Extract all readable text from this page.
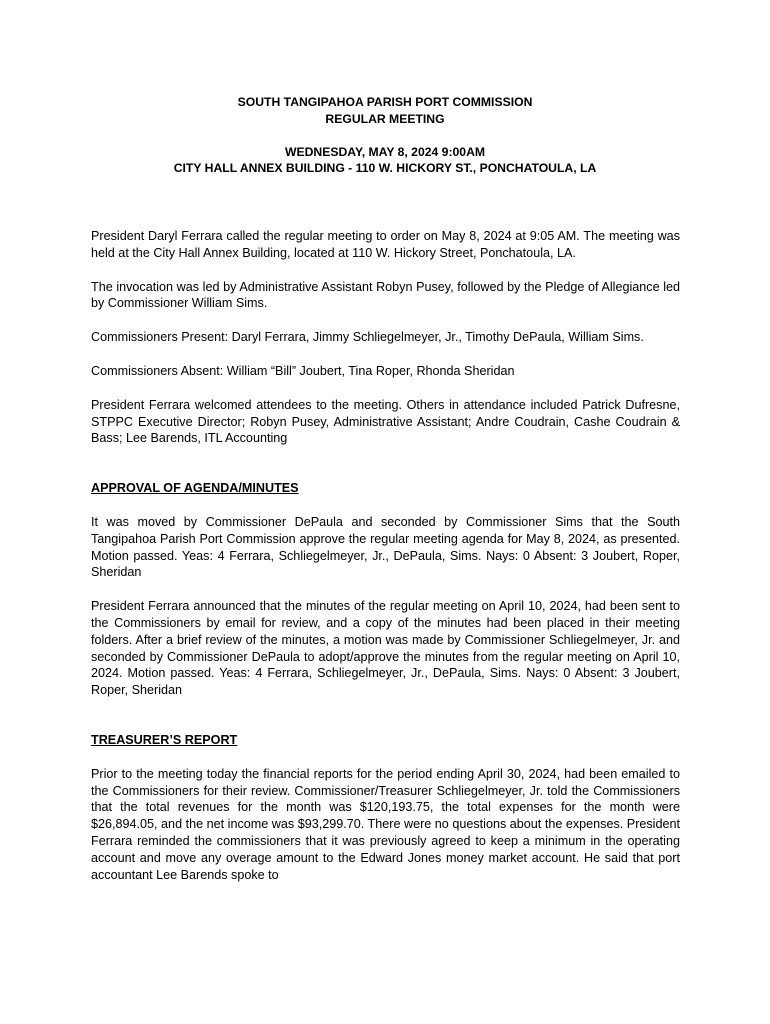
SOUTH TANGIPAHOA PARISH PORT COMMISSION
REGULAR MEETING
WEDNESDAY, MAY 8, 2024 9:00AM
CITY HALL ANNEX BUILDING - 110 W. HICKORY ST., PONCHATOULA, LA

President Daryl Ferrara called the regular meeting to order on May 8, 2024 at 9:05 AM. The meeting was held at the City Hall Annex Building, located at 110 W. Hickory Street, Ponchatoula, LA.

The invocation was led by Administrative Assistant Robyn Pusey, followed by the Pledge of Allegiance led by Commissioner William Sims.

Commissioners Present: Daryl Ferrara, Jimmy Schliegelmeyer, Jr., Timothy DePaula, William Sims.

Commissioners Absent: William “Bill” Joubert, Tina Roper, Rhonda Sheridan

President Ferrara welcomed attendees to the meeting. Others in attendance included Patrick Dufresne, STPPC Executive Director; Robyn Pusey, Administrative Assistant; Andre Coudrain, Cashe Coudrain & Bass; Lee Barends, ITL Accounting

APPROVAL OF AGENDA/MINUTES

It was moved by Commissioner DePaula and seconded by Commissioner Sims that the South Tangipahoa Parish Port Commission approve the regular meeting agenda for May 8, 2024, as presented. Motion passed. Yeas: 4 Ferrara, Schliegelmeyer, Jr., DePaula, Sims. Nays: 0 Absent: 3 Joubert, Roper, Sheridan

President Ferrara announced that the minutes of the regular meeting on April 10, 2024, had been sent to the Commissioners by email for review, and a copy of the minutes had been placed in their meeting folders. After a brief review of the minutes, a motion was made by Commissioner Schliegelmeyer, Jr. and seconded by Commissioner DePaula to adopt/approve the minutes from the regular meeting on April 10, 2024. Motion passed. Yeas: 4 Ferrara, Schliegelmeyer, Jr., DePaula, Sims. Nays: 0 Absent: 3 Joubert, Roper, Sheridan

TREASURER’S REPORT

Prior to the meeting today the financial reports for the period ending April 30, 2024, had been emailed to the Commissioners for their review. Commissioner/Treasurer Schliegelmeyer, Jr. told the Commissioners that the total revenues for the month was $120,193.75, the total expenses for the month were $26,894.05, and the net income was $93,299.70. There were no questions about the expenses. President Ferrara reminded the commissioners that it was previously agreed to keep a minimum in the operating account and move any overage amount to the Edward Jones money market account. He said that port accountant Lee Barends spoke to
